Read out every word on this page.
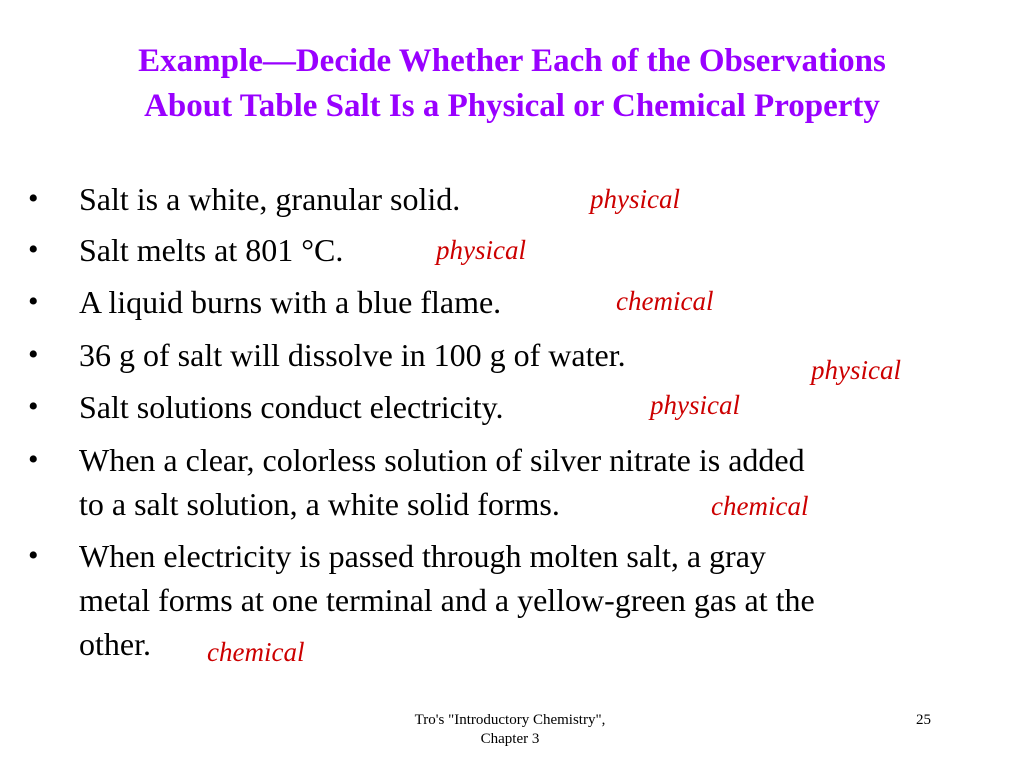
Example—Decide Whether Each of the Observations
About Table Salt Is a Physical or Chemical Property
• Salt is a white, granular solid.	physical
• Salt melts at 801 °C.	physical
• A liquid burns with a blue flame.	chemical
• 36 g of salt will dissolve in 100 g of water.	physical
• Salt solutions conduct electricity.	physical
• When a clear, colorless solution of silver nitrate is added
to a salt solution, a white solid forms.	chemical
• When electricity is passed through molten salt, a gray
metal forms at one terminal and a yellow-green gas at the
other. chemical
Tro's "Introductory Chemistry",
Chapter 3
25
